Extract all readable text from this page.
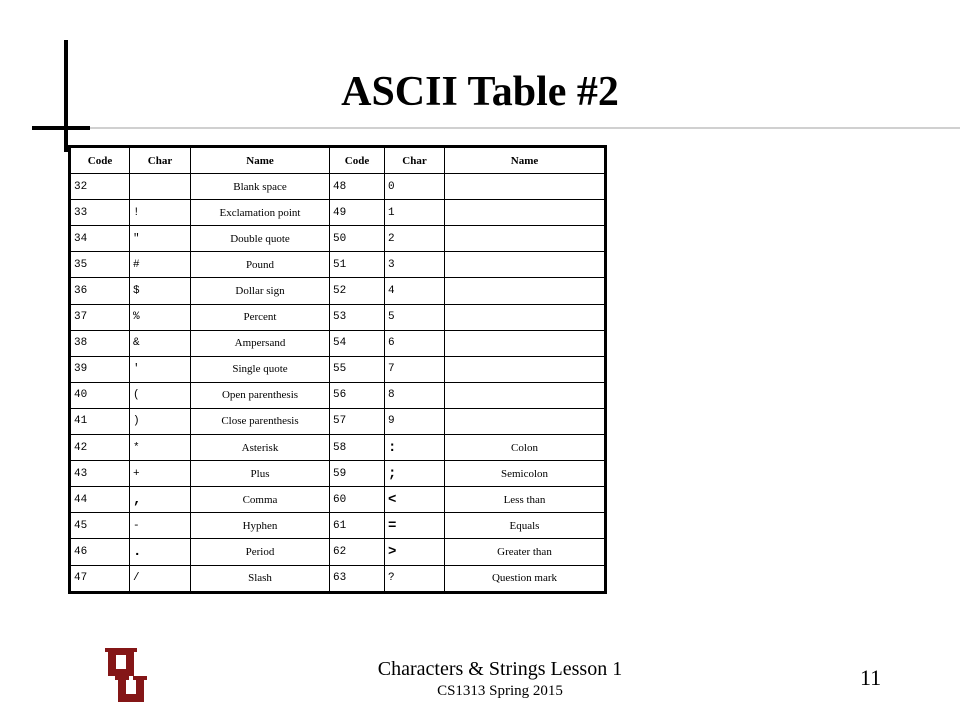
ASCII Table #2
Code	Char	Name	Code	Char	Name
32		Blank space	48	0	
33	!	Exclamation point	49	1	
34	"	Double quote	50	2	
35	#	Pound	51	3	
36	$	Dollar sign	52	4	
37	%	Percent	53	5	
38	&	Ampersand	54	6	
39	'	Single quote	55	7	
40	(	Open parenthesis	56	8	
41	)	Close parenthesis	57	9	
42	*	Asterisk	58	:	Colon
43	+	Plus	59	;	Semicolon
44	,	Comma	60	<	Less than
45	-	Hyphen	61	=	Equals
46	.	Period	62	>	Greater than
47	/	Slash	63	?	Question mark
Characters & Strings Lesson 1
CS1313 Spring 2015
11
